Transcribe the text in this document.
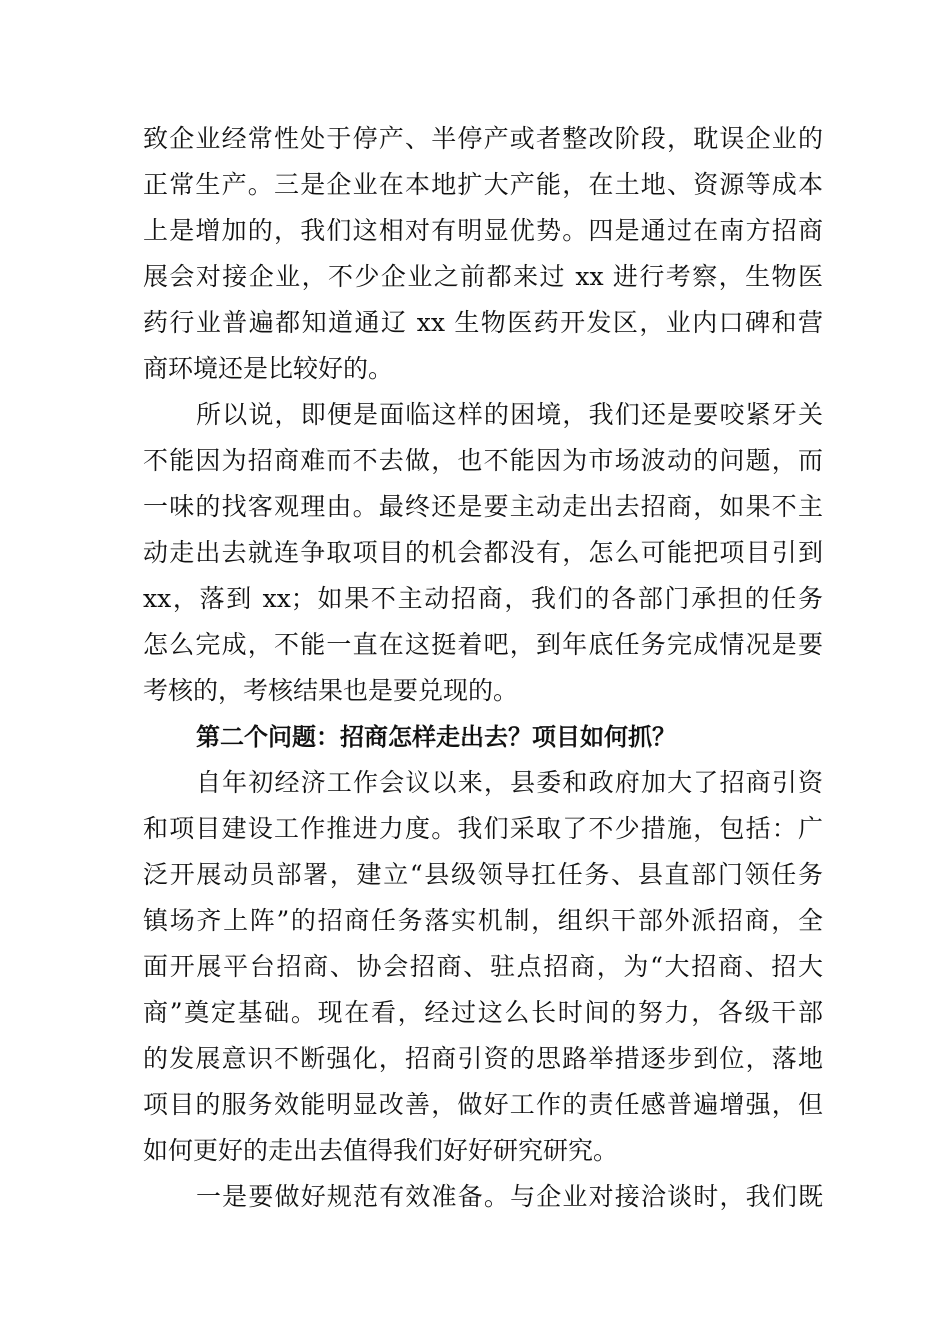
致企业经常性处于停产、半停产或者整改阶段，耽误企业的
正常生产。三是企业在本地扩大产能，在土地、资源等成本
上是增加的，我们这相对有明显优势。四是通过在南方招商
展会对接企业，不少企业之前都来过 xx 进行考察，生物医
药行业普遍都知道通辽 xx 生物医药开发区，业内口碑和营
商环境还是比较好的。
所以说，即便是面临这样的困境，我们还是要咬紧牙关
不能因为招商难而不去做，也不能因为市场波动的问题，而
一味的找客观理由。最终还是要主动走出去招商，如果不主
动走出去就连争取项目的机会都没有，怎么可能把项目引到
xx，落到 xx；如果不主动招商，我们的各部门承担的任务
怎么完成，不能一直在这挺着吧，到年底任务完成情况是要
考核的，考核结果也是要兑现的。
第二个问题：招商怎样走出去？项目如何抓？
自年初经济工作会议以来，县委和政府加大了招商引资
和项目建设工作推进力度。我们采取了不少措施，包括：广
泛开展动员部署，建立“县级领导扛任务、县直部门领任务
镇场齐上阵”的招商任务落实机制，组织干部外派招商，全
面开展平台招商、协会招商、驻点招商，为“大招商、招大
商”奠定基础。现在看，经过这么长时间的努力，各级干部
的发展意识不断强化，招商引资的思路举措逐步到位，落地
项目的服务效能明显改善，做好工作的责任感普遍增强，但
如何更好的走出去值得我们好好研究研究。
一是要做好规范有效准备。与企业对接洽谈时，我们既
